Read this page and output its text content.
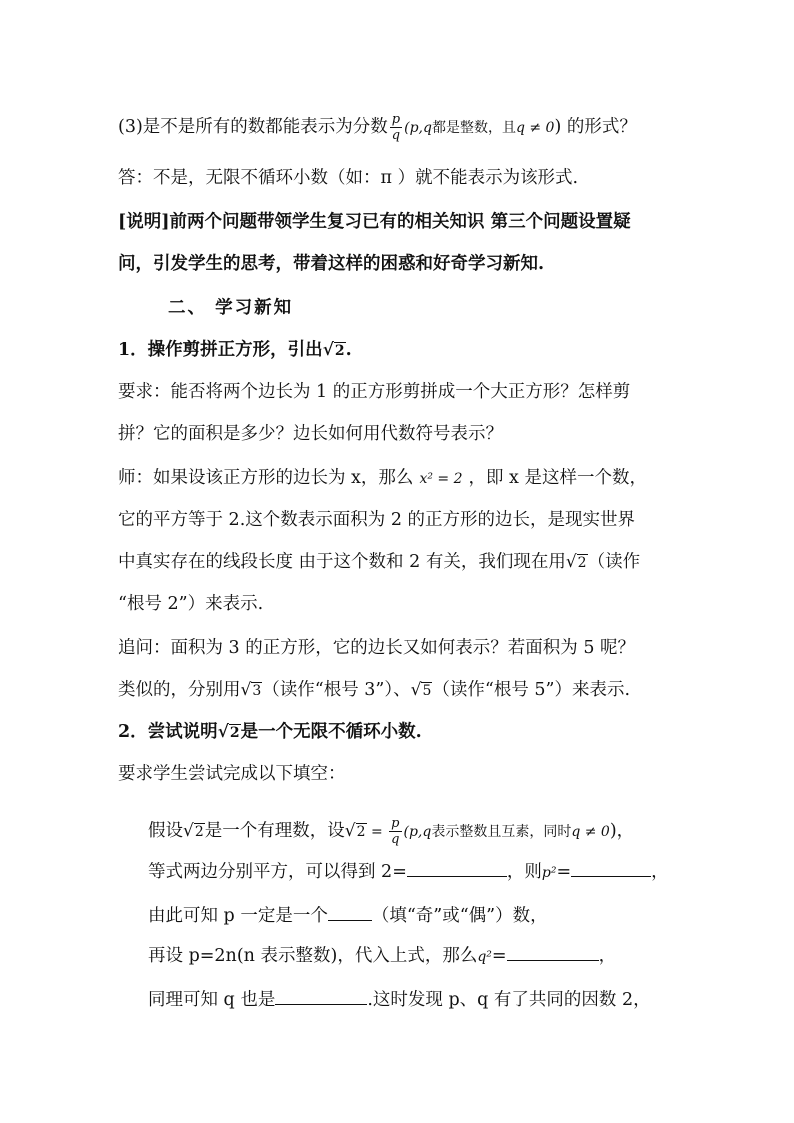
(3)是不是所有的数都能表示为分数 $\frac{p}{q} (p,q$都是整数，且q ≠ 0) 的形式？
答：不是，无限不循环小数（如：π ）就不能表示为该形式.
[说明]前两个问题带领学生复习已有的相关知识 第三个问题设置疑
问，引发学生的思考，带着这样的困惑和好奇学习新知.
二、 学习新知
1．操作剪拼正方形，引出√2.
要求：能否将两个边长为 1 的正方形剪拼成一个大正方形？怎样剪
拼？它的面积是多少？边长如何用代数符号表示？
师：如果设该正方形的边长为 x，那么 x² = 2 ，即 x 是这样一个数，
它的平方等于 2.这个数表示面积为 2 的正方形的边长，是现实世界
中真实存在的线段长度 由于这个数和 2 有关，我们现在用√2（读作
“根号 2”）来表示.
追问：面积为 3 的正方形，它的边长又如何表示？若面积为 5 呢？
类似的，分别用√3（读作“根号 3”）、√5（读作“根号 5”）来表示.
2．尝试说明√2是一个无限不循环小数.
要求学生尝试完成以下填空：
假设√2是一个有理数，设$√2 = \frac{p}{q} (p,q$表示整数且互素，同时q ≠ 0)，
等式两边分别平方，可以得到 2=	，则p²=	，
由此可知 p 一定是一个	（填“奇”或“偶”）数，
再设 p=2n(n 表示整数)，代入上式，那么q²=	，
同理可知 q 也是	.这时发现 p、q 有了共同的因数 2，
